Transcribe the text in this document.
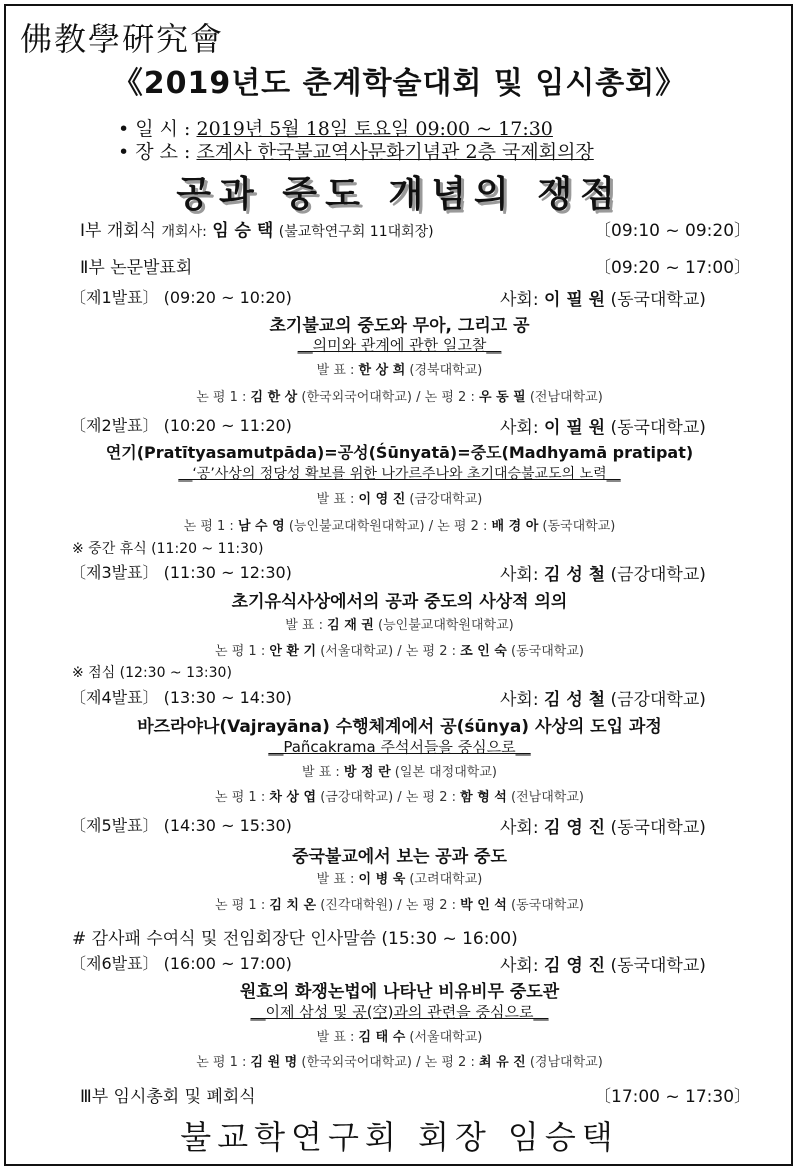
佛教學硏究會
《2019년도 춘계학술대회 및 임시총회》
• 일 시 : 2019년 5월 18일 토요일 09:00 ~ 17:30
• 장 소 : 조계사 한국불교역사문화기념관 2층 국제회의장
공과 중도 개념의 쟁점
Ⅰ부 개회식 개회사: 임 승 택 (불교학연구회 11대회장)	〔09:10 ~ 09:20〕
Ⅱ부 논문발표회	〔09:20 ~ 17:00〕
〔제1발표〕 (09:20 ~ 10:20)	사회: 이 필 원 (동국대학교)
초기불교의 중도와 무아, 그리고 공
__의미와 관계에 관한 일고찰__
발 표 : 한 상 희 (경북대학교)
논 평 1 : 김 한 상 (한국외국어대학교) / 논 평 2 : 우 동 필 (전남대학교)
〔제2발표〕 (10:20 ~ 11:20)	사회: 이 필 원 (동국대학교)
연기(Pratītyasamutpāda)=공성(Śūnyatā)=중도(Madhyamā pratipat)
__‘공’사상의 정당성 확보를 위한 나가르주나와 초기대승불교도의 노력__
발 표 : 이 영 진 (금강대학교)
논 평 1 : 남 수 영 (능인불교대학원대학교) / 논 평 2 : 배 경 아 (동국대학교)
※ 중간 휴식 (11:20 ~ 11:30)
〔제3발표〕 (11:30 ~ 12:30)	사회: 김 성 철 (금강대학교)
초기유식사상에서의 공과 중도의 사상적 의의
발 표 : 김 재 권 (능인불교대학원대학교)
논 평 1 : 안 환 기 (서울대학교) / 논 평 2 : 조 인 숙 (동국대학교)
※ 점심 (12:30 ~ 13:30)
〔제4발표〕 (13:30 ~ 14:30)	사회: 김 성 철 (금강대학교)
바즈라야나(Vajrayāna) 수행체계에서 공(śūnya) 사상의 도입 과정
__Pañcakrama 주석서들을 중심으로__
발 표 : 방 정 란 (일본 대정대학교)
논 평 1 : 차 상 엽 (금강대학교) / 논 평 2 : 함 형 석 (전남대학교)
〔제5발표〕 (14:30 ~ 15:30)	사회: 김 영 진 (동국대학교)
중국불교에서 보는 공과 중도
발 표 : 이 병 욱 (고려대학교)
논 평 1 : 김 치 온 (진각대학원) / 논 평 2 : 박 인 석 (동국대학교)
# 감사패 수여식 및 전임회장단 인사말씀 (15:30 ~ 16:00)
〔제6발표〕 (16:00 ~ 17:00)	사회: 김 영 진 (동국대학교)
원효의 화쟁논법에 나타난 비유비무 중도관
__이제 삼성 및 공(空)과의 관련을 중심으로__
발 표 : 김 태 수 (서울대학교)
논 평 1 : 김 원 명 (한국외국어대학교) / 논 평 2 : 최 유 진 (경남대학교)
Ⅲ부 임시총회 및 폐회식	〔17:00 ~ 17:30〕
불교학연구회 회장 임승택
